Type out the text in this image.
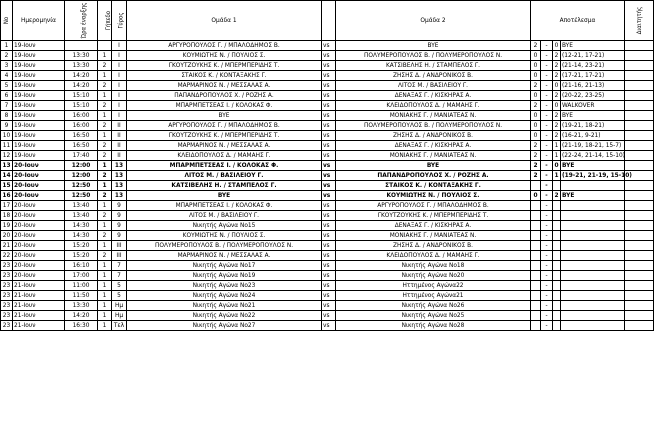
No	Ημερομηνία	Ώρα έναρξης	Γήπεδο	Γύρος	Ομάδα 1		Ομάδα 2	Αποτέλεσμα				Διαιτητής
1	19-Ιουν			I	ΑΡΓΥΡΟΠΟΥΛΟΣ Γ. / ΜΠΑΛΟΔΗΜΟΣ Β.	vs	BYE	2	-	0	BYE	
2	19-Ιουν	13:30	1	I	ΚΟΥΜΙΩΤΗΣ Ν. / ΠΟΥΛΙΟΣ Σ.	vs	ΠΟΛΥΜΕΡΟΠΟΥΛΟΣ Β. / ΠΟΛΥΜΕΡΟΠΟΥΛΟΣ Ν.	0	-	2	(12-21, 17-21)	
3	19-Ιουν	13:30	2	I	ΓΚΟΥΤΖΟΥΚΗΣ Κ. / ΜΠΕΡΜΠΕΡΙΔΗΣ Τ.	vs	ΚΑΤΣΙΒΕΛΗΣ Η. / ΣΤΑΜΠΕΛΟΣ Γ.	0	-	2	(21-14, 23-21)	
4	19-Ιουν	14:20	1	I	ΣΤΑΙΚΟΣ Κ. / ΚΟΝΤΑΞΑΚΗΣ Γ.	vs	ΖΗΣΗΣ Δ. / ΑΝΔΡΟΝΙΚΟΣ Β.	0	-	2	(17-21, 17-21)	
5	19-Ιουν	14:20	2	I	ΜΑΡΜΑΡΙΝΟΣ Ν. / ΜΕΣΣΑΛΑΣ Α.	vs	ΛΙΤΟΣ Μ. / ΒΑΣΙΛΕΙΟΥ Γ.	2	-	0	(21-16, 21-13)	
6	19-Ιουν	15:10	1	I	ΠΑΠΑΝΔΡΟΠΟΥΛΟΣ Χ. / ΡΟΖΗΣ Α.	vs	ΔΕΝΑΞΑΣ Γ. / ΚΙΣΚΗΡΑΣ Α.	0	-	2	(20-22, 23-25)	
7	19-Ιουν	15:10	2	I	ΜΠΑΡΜΠΕΤΣΕΑΣ Ι. / ΚΟΛΟΚΑΣ Φ.	vs	ΚΛΕΙΔΟΠΟΥΛΟΣ Δ. / ΜΑΜΑΗΣ Γ.	2	-	0	WALKOVER	
8	19-Ιουν	16:00	1	I	BYE	vs	ΜΟΝΙΑΚΗΣ Γ. / ΜΑΝΙΑΤΕΑΣ Ν.	0	-	2	BYE	
9	19-Ιουν	16:00	2	II	ΑΡΓΥΡΟΠΟΥΛΟΣ Γ. / ΜΠΑΛΟΔΗΜΟΣ Β.	vs	ΠΟΛΥΜΕΡΟΠΟΥΛΟΣ Β. / ΠΟΛΥΜΕΡΟΠΟΥΛΟΣ Ν.	0	-	2	(19-21, 18-21)	
10	19-Ιουν	16:50	1	II	ΓΚΟΥΤΖΟΥΚΗΣ Κ. / ΜΠΕΡΜΠΕΡΙΔΗΣ Τ.	vs	ΖΗΣΗΣ Δ. / ΑΝΔΡΟΝΙΚΟΣ Β.	0	-	2	(16-21, 9-21)	
11	19-Ιουν	16:50	2	II	ΜΑΡΜΑΡΙΝΟΣ Ν. / ΜΕΣΣΑΛΑΣ Α.	vs	ΔΕΝΑΞΑΣ Γ. / ΚΙΣΚΗΡΑΣ Α.	2	-	1	(21-19, 18-21, 15-7)	
12	19-Ιουν	17:40	2	II	ΚΛΕΙΔΟΠΟΥΛΟΣ Δ. / ΜΑΜΑΗΣ Γ.	vs	ΜΟΝΙΑΚΗΣ Γ. / ΜΑΝΙΑΤΕΑΣ Ν.	2	-	1	(22-24, 21-14, 15-10)	
13	20-Ιουν	12:00	1	13	ΜΠΑΡΜΠΕΤΣΕΑΣ Ι. / ΚΟΛΟΚΑΣ Φ.	vs	BYE	2	-	0	BYE	
14	20-Ιουν	12:00	2	13	ΛΙΤΟΣ Μ. / ΒΑΣΙΛΕΙΟΥ Γ.	vs	ΠΑΠΑΝΔΡΟΠΟΥΛΟΣ Χ. / ΡΟΖΗΣ Α.	2	-	1	(19-21, 21-19, 15-10)	
15	20-Ιουν	12:50	1	13	ΚΑΤΣΙΒΕΛΗΣ Η. / ΣΤΑΜΠΕΛΟΣ Γ.	vs	ΣΤΑΙΚΟΣ Κ. / ΚΟΝΤΑΞΑΚΗΣ Γ.		-			
16	20-Ιουν	12:50	2	13	BYE	vs	ΚΟΥΜΙΩΤΗΣ Ν. / ΠΟΥΛΙΟΣ Σ.	0	-	2	BYE	
17	20-Ιουν	13:40	1	9	ΜΠΑΡΜΠΕΤΣΕΑΣ Ι. / ΚΟΛΟΚΑΣ Φ.	vs	ΑΡΓΥΡΟΠΟΥΛΟΣ Γ. / ΜΠΑΛΟΔΗΜΟΣ Β.		-			
18	20-Ιουν	13:40	2	9	ΛΙΤΟΣ Μ. / ΒΑΣΙΛΕΙΟΥ Γ.	vs	ΓΚΟΥΤΖΟΥΚΗΣ Κ. / ΜΠΕΡΜΠΕΡΙΔΗΣ Τ.		-			
19	20-Ιουν	14:30	1	9	Νικητής Αγώνα Νο15	vs	ΔΕΝΑΞΑΣ Γ. / ΚΙΣΚΗΡΑΣ Α.		-			
20	20-Ιουν	14:30	2	9	ΚΟΥΜΙΩΤΗΣ Ν. / ΠΟΥΛΙΟΣ Σ.	vs	ΜΟΝΙΑΚΗΣ Γ. / ΜΑΝΙΑΤΕΑΣ Ν.		-			
21	20-Ιουν	15:20	1	III	ΠΟΛΥΜΕΡΟΠΟΥΛΟΣ Β. / ΠΟΛΥΜΕΡΟΠΟΥΛΟΣ Ν.	vs	ΖΗΣΗΣ Δ. / ΑΝΔΡΟΝΙΚΟΣ Β.		-			
22	20-Ιουν	15:20	2	III	ΜΑΡΜΑΡΙΝΟΣ Ν. / ΜΕΣΣΑΛΑΣ Α.	vs	ΚΛΕΙΔΟΠΟΥΛΟΣ Δ. / ΜΑΜΑΗΣ Γ.		-			
23	20-Ιουν	16:10	1	7	Νικητής Αγώνα Νο17	vs	Νικητής Αγώνα Νο18		-			
23	20-Ιουν	17:00	1	7	Νικητής Αγώνα Νο19	vs	Νικητής Αγώνα Νο20		-			
23	21-Ιουν	11:00	1	5	Νικητής Αγώνα Νο23	vs	Ηττημένος Αγώνα22		-			
23	21-Ιουν	11:50	1	5	Νικητής Αγώνα Νο24	vs	Ηττημένος Αγώνα21		-			
23	21-Ιουν	13:30	1	Ημ	Νικητής Αγώνα Νο21	vs	Νικητής Αγώνα Νο26		-			
23	21-Ιουν	14:20	1	Ημ	Νικητής Αγώνα Νο22	vs	Νικητής Αγώνα Νο25		-			
23	21-Ιουν	16:30	1	Τελ	Νικητής Αγώνα Νο27	vs	Νικητής Αγώνα Νο28		-			
